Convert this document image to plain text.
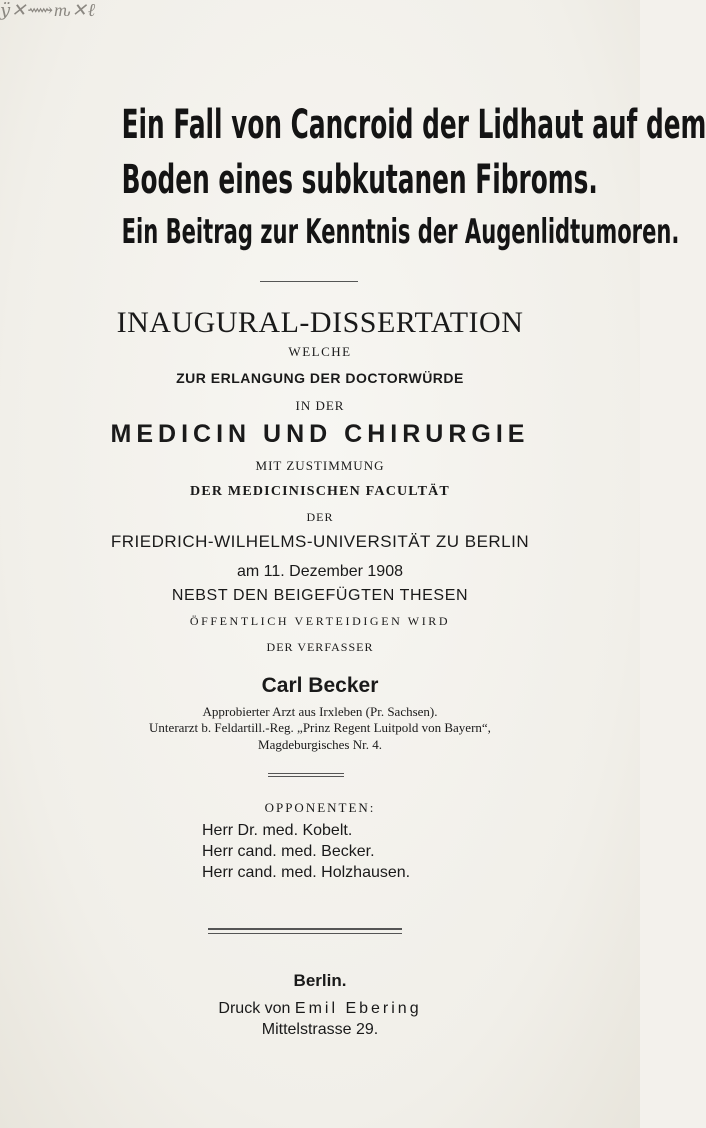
ÿ✕⟿ԏ✕ℓ
Ein Fall von Cancroid der Lidhaut auf dem
Boden eines subkutanen Fibroms.
Ein Beitrag zur Kenntnis der Augenlidtumoren.
INAUGURAL-DISSERTATION
WELCHE
ZUR ERLANGUNG DER DOCTORWÜRDE
IN DER
MEDICIN UND CHIRURGIE
MIT ZUSTIMMUNG
DER MEDICINISCHEN FACULTÄT
DER
FRIEDRICH-WILHELMS-UNIVERSITÄT ZU BERLIN
am 11. Dezember 1908
NEBST DEN BEIGEFÜGTEN THESEN
ÖFFENTLICH VERTEIDIGEN WIRD
DER VERFASSER
Carl Becker
Approbierter Arzt aus Irxleben (Pr. Sachsen).
Unterarzt b. Feldartill.-Reg. „Prinz Regent Luitpold von Bayern“,
Magdeburgisches Nr. 4.
OPPONENTEN:
Herr Dr. med. Kobelt.
Herr cand. med. Becker.
Herr cand. med. Holzhausen.
Berlin.
Druck von Emil Ebering
Mittelstrasse 29.
